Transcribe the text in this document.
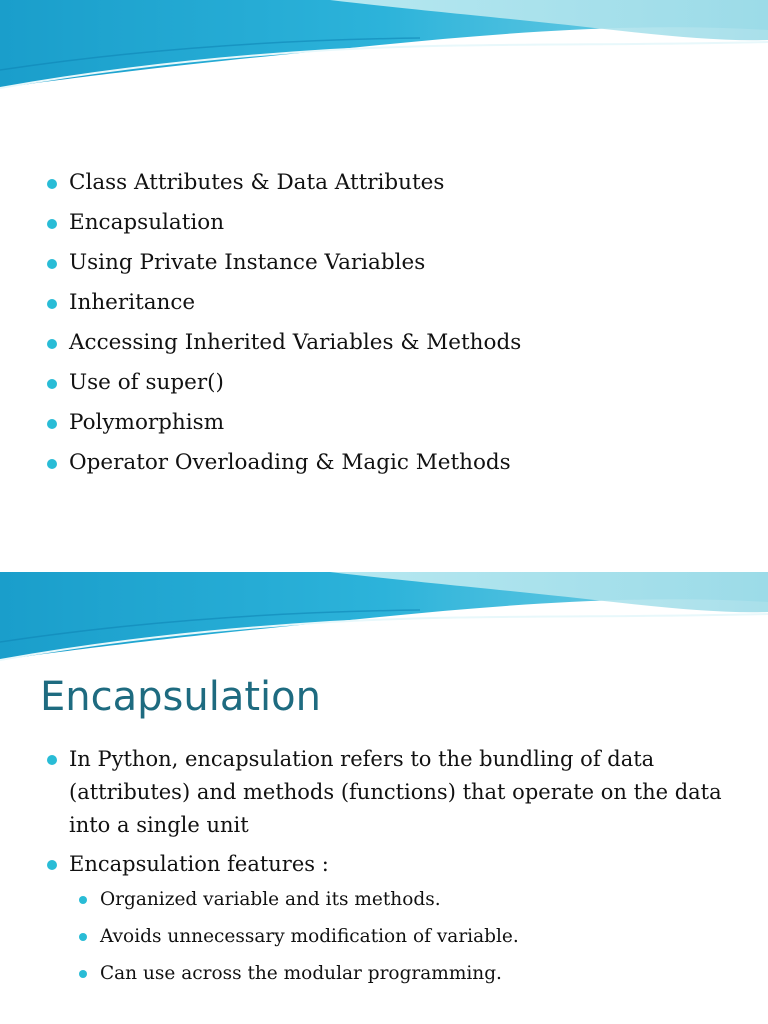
Class Attributes & Data Attributes
Encapsulation
Using Private Instance Variables
Inheritance
Accessing Inherited Variables & Methods
Use of super()
Polymorphism
Operator Overloading & Magic Methods
Encapsulation
In Python, encapsulation refers to the bundling of data (attributes) and methods (functions) that operate on the data into a single unit
Encapsulation features :
Organized variable and its methods.
Avoids unnecessary modification of variable.
Can use across the modular programming.
